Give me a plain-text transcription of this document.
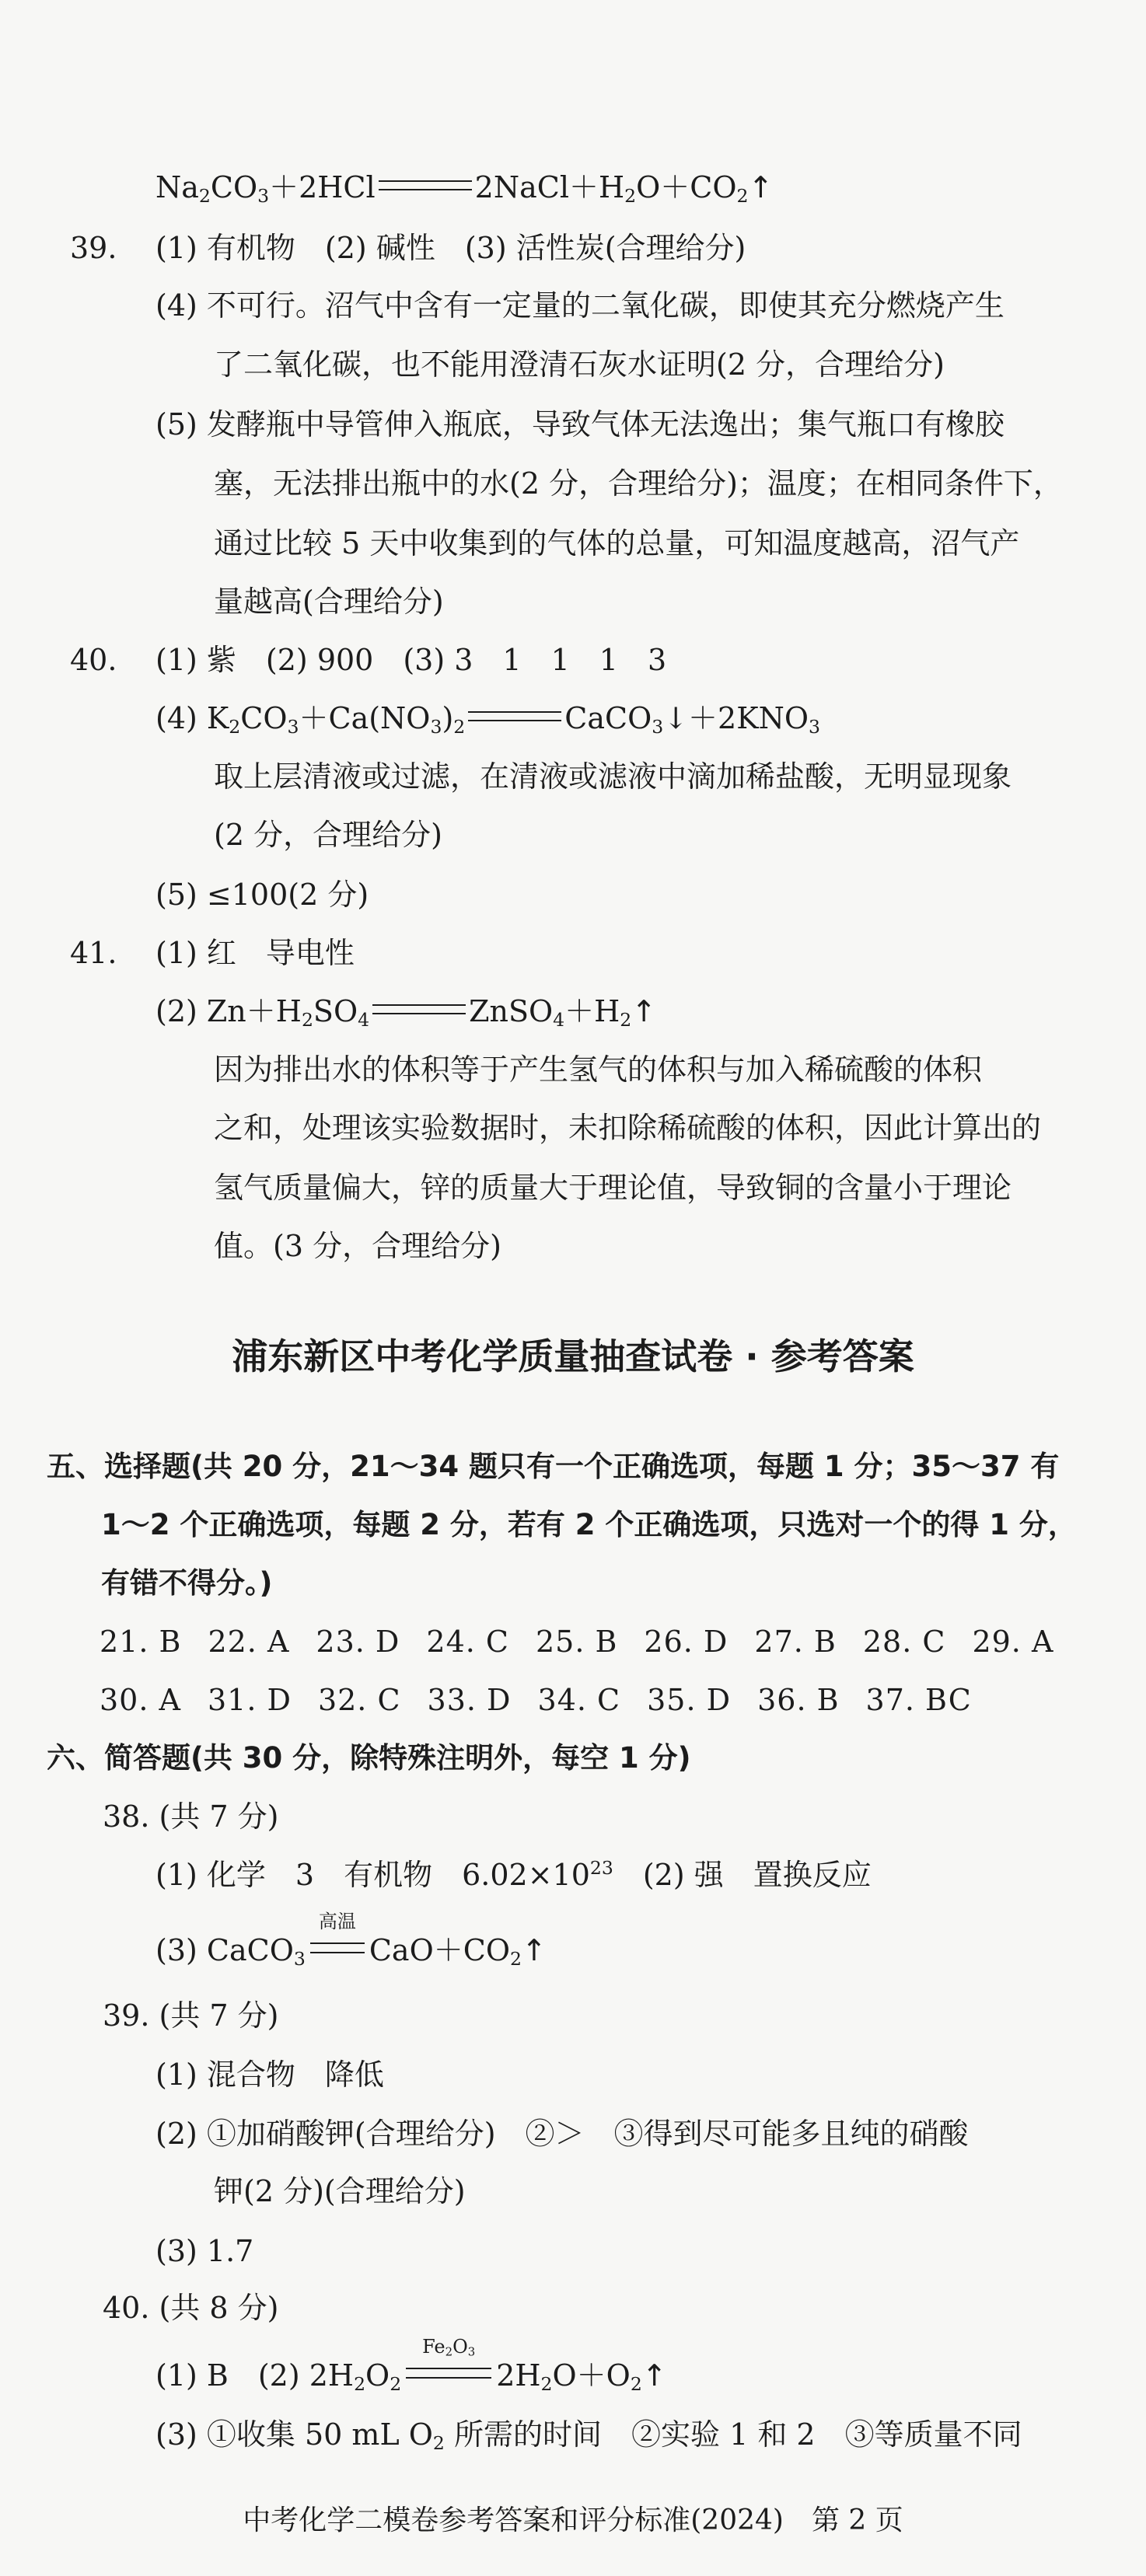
$Na_2CO_3+2HCl$	$2NaCl+H_2O+CO_2↑$
39. (1) 有机物　(2) 碱性　(3) 活性炭(合理给分)
(4) 不可行。沼气中含有一定量的二氧化碳，即使其充分燃烧产生
了二氧化碳，也不能用澄清石灰水证明(2 分，合理给分)
(5) 发酵瓶中导管伸入瓶底，导致气体无法逸出；集气瓶口有橡胶
塞，无法排出瓶中的水(2 分，合理给分)；温度；在相同条件下，
通过比较 5 天中收集到的气体的总量，可知温度越高，沼气产
量越高(合理给分)
40. (1) 紫　(2) 900　(3) 3　1　1　1　3
(4) $K_2CO_3+Ca(NO_3)_2$	$CaCO_3↓+2KNO_3$
取上层清液或过滤，在清液或滤液中滴加稀盐酸，无明显现象
(2 分，合理给分)
(5) ≤100(2 分)
41. (1) 红　导电性
(2) $Zn+H_2SO_4$	$ZnSO_4+H_2↑$
因为排出水的体积等于产生氢气的体积与加入稀硫酸的体积
之和，处理该实验数据时，未扣除稀硫酸的体积，因此计算出的
氢气质量偏大，锌的质量大于理论值，导致铜的含量小于理论
值。(3 分，合理给分)
浦东新区中考化学质量抽查试卷 · 参考答案
五、选择题(共 20 分，21～34 题只有一个正确选项，每题 1 分；35～37 有
1～2 个正确选项，每题 2 分，若有 2 个正确选项，只选对一个的得 1 分，
有错不得分。)
21. B 22. A 23. D 24. C 25. B 26. D 27. B 28. C 29. A
30. A 31. D 32. C 33. D 34. C 35. D 36. B 37. BC
六、简答题(共 30 分，除特殊注明外，每空 1 分)
38. (共 7 分)
(1) 化学　3　有机物　$6.02\times 10^{23}$　(2) 强　置换反应
(3) CaCO$_3$
高温
$CaO+CO_2↑$
39. (共 7 分)
(1) 混合物　降低
(2) ①加硝酸钾(合理给分)　②＞　③得到尽可能多且纯的硝酸
钾(2 分)(合理给分)
(3) 1.7
40. (共 8 分)
(1) B　(2) $2H_2O_2$
$Fe_2O_3$
$2H_2O+O_2↑$
(3) ①收集 50 mL $O_2$ 所需的时间　②实验 1 和 2　③等质量不同
中考化学二模卷参考答案和评分标准(2024)　第 2 页
